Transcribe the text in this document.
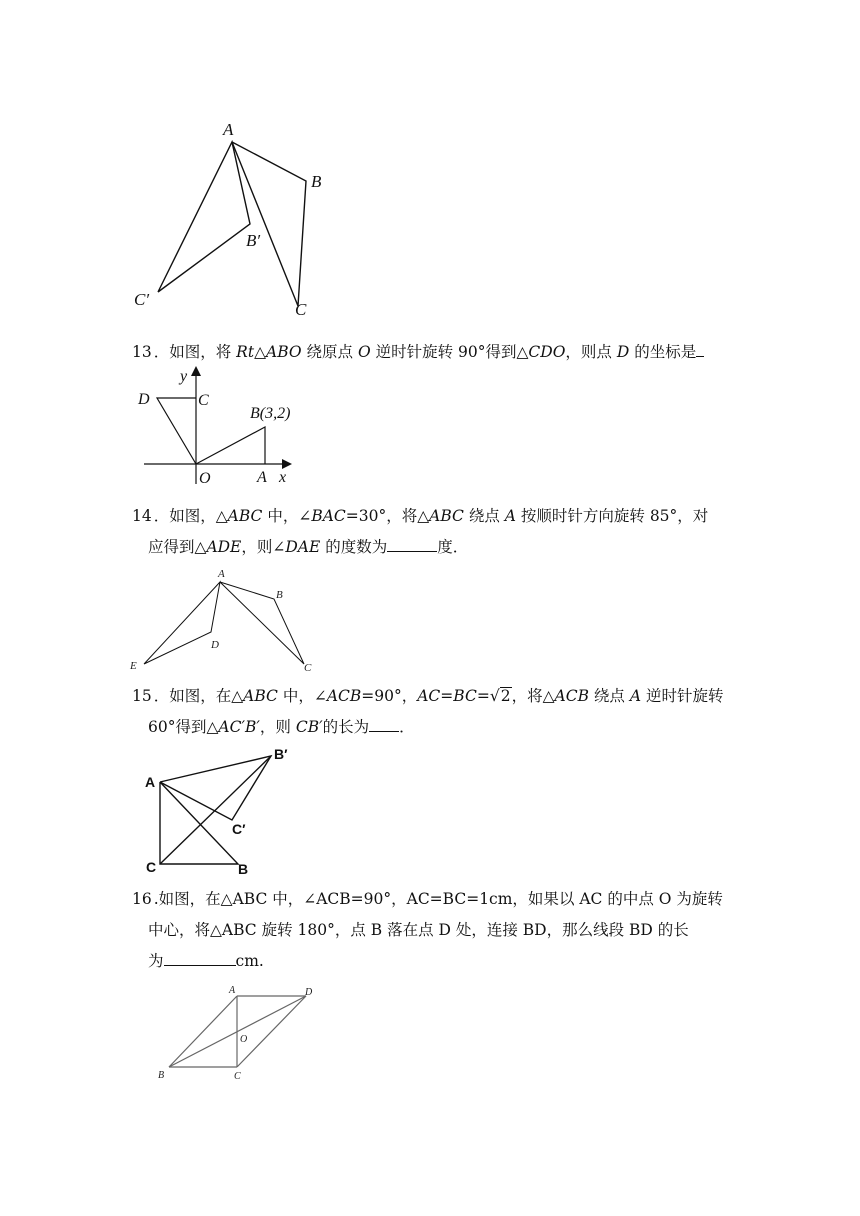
A
B
B′
C′
C
13 ．如图，将 Rt△ABO 绕原点 O 逆时针旋转 90°得到△CDO，则点 D 的坐标是
y
D	C
B(3,2)
O	A x
14 ．如图，△ABC 中，∠BAC=30°，将△ABC 绕点 A 按顺时针方向旋转 85°，对
应得到△ADE，则∠DAE 的度数为	度．
A
B
D
E	C
15 ．如图，在△ABC 中，∠ACB=90°，AC=BC=√2，将△ACB 绕点 A 逆时针旋转
60°得到△AC′B′，则 CB′的长为 ．
A
B′
C′
C	B
16 .如图，在△ABC 中，∠ACB=90°，AC=BC=1cm，如果以 AC 的中点 O 为旋转
中心，将△ABC 旋转 180°，点 B 落在点 D 处，连接 BD，那么线段 BD 的长
为	cm.
A	D
O
B	C
